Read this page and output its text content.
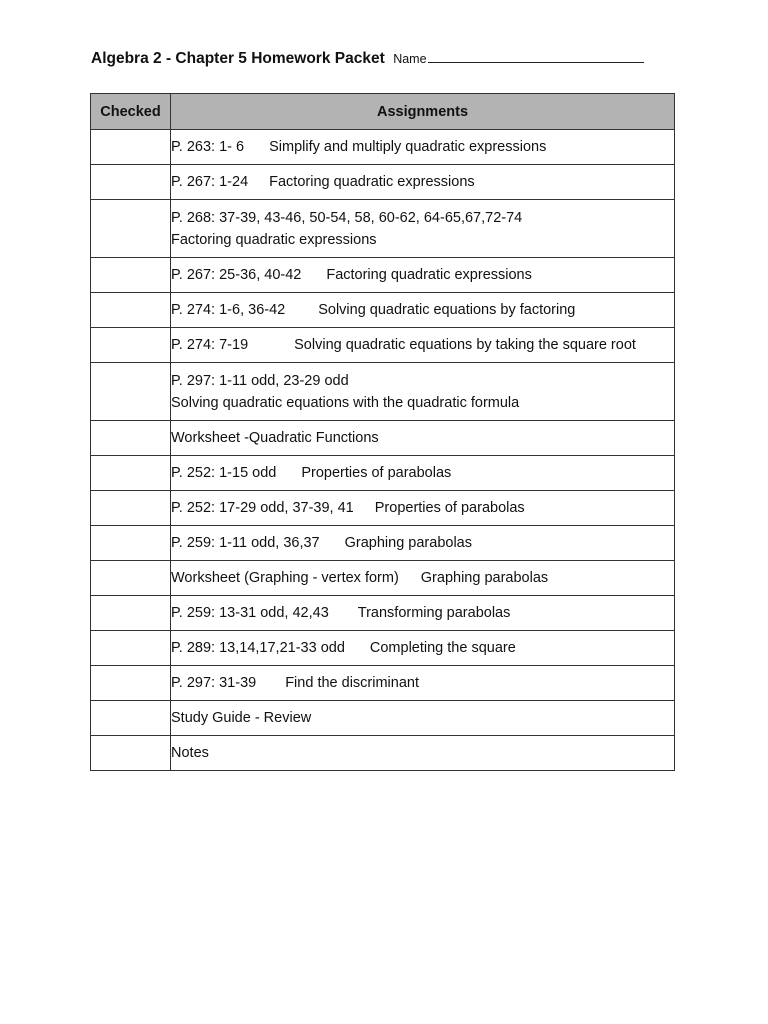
Algebra 2 - Chapter 5 Homework Packet Name
Checked	Assignments
	P. 263: 1- 6 Simplify and multiply quadratic expressions
	P. 267: 1-24 Factoring quadratic expressions
	P. 268: 37-39, 43-46, 50-54, 58, 60-62, 64-65,67,72-74
Factoring quadratic expressions
	P. 267: 25-36, 40-42 Factoring quadratic expressions
	P. 274: 1-6, 36-42 Solving quadratic equations by factoring
	P. 274: 7-19 Solving quadratic equations by taking the square root
	P. 297: 1-11 odd, 23-29 odd
Solving quadratic equations with the quadratic formula
	Worksheet -Quadratic Functions
	P. 252: 1-15 odd Properties of parabolas
	P. 252: 17-29 odd, 37-39, 41 Properties of parabolas
	P. 259: 1-11 odd, 36,37 Graphing parabolas
	Worksheet (Graphing - vertex form) Graphing parabolas
	P. 259: 13-31 odd, 42,43 Transforming parabolas
	P. 289: 13,14,17,21-33 odd Completing the square
	P. 297: 31-39 Find the discriminant
	Study Guide - Review
	Notes
